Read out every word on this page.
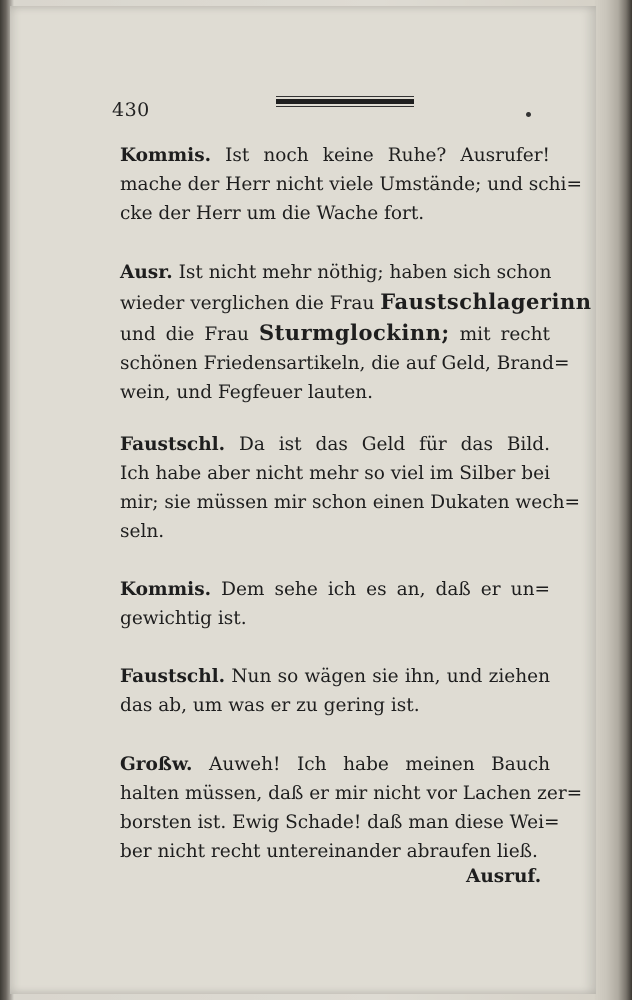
430
Kommis. Ist noch keine Ruhe? Ausrufer!
mache der Herr nicht viele Umstände; und schi=
cke der Herr um die Wache fort.
Ausr. Ist nicht mehr nöthig; haben sich schon
wieder verglichen die Frau Faustschlagerinn
und die Frau Sturmglockinn; mit recht
schönen Friedensartikeln, die auf Geld, Brand=
wein, und Fegfeuer lauten.
Faustschl. Da ist das Geld für das Bild.
Ich habe aber nicht mehr so viel im Silber bei
mir; sie müssen mir schon einen Dukaten wech=
seln.
Kommis. Dem sehe ich es an, daß er un=
gewichtig ist.
Faustschl. Nun so wägen sie ihn, und ziehen
das ab, um was er zu gering ist.
Großw. Auweh! Ich habe meinen Bauch
halten müssen, daß er mir nicht vor Lachen zer=
borsten ist. Ewig Schade! daß man diese Wei=
ber nicht recht untereinander abraufen ließ.
Ausruf.
